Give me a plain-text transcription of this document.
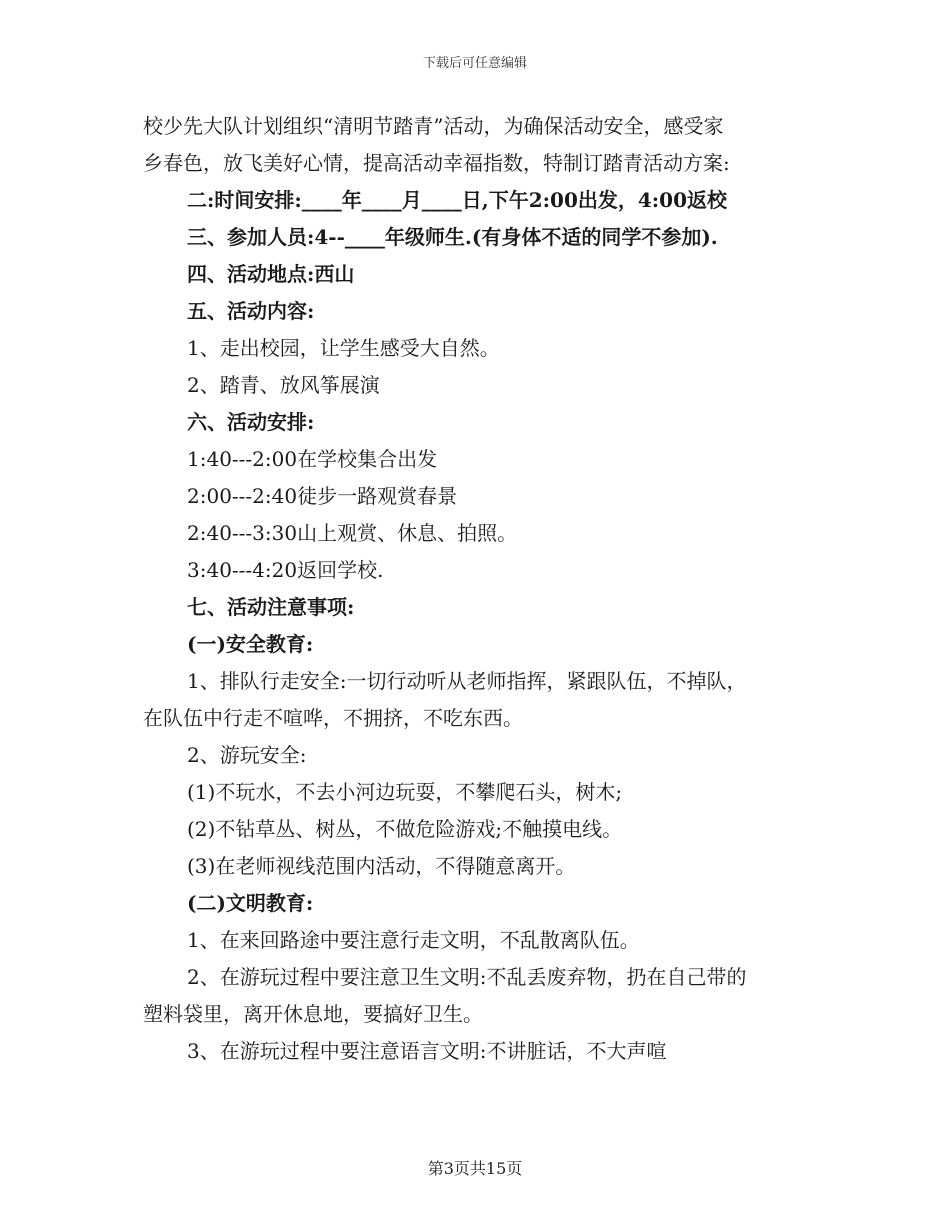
下载后可任意编辑
校少先大队计划组织“清明节踏青”活动，为确保活动安全，感受家
乡春色，放飞美好心情，提高活动幸福指数，特制订踏青活动方案:
二:时间安排:____年____月____日,下午2:00出发，4:00返校
三、参加人员:4--____年级师生.(有身体不适的同学不参加).
四、活动地点:西山
五、活动内容:
1、走出校园，让学生感受大自然。
2、踏青、放风筝展演
六、活动安排:
1:40---2:00在学校集合出发
2:00---2:40徒步一路观赏春景
2:40---3:30山上观赏、休息、拍照。
3:40---4:20返回学校.
七、活动注意事项:
(一)安全教育:
1、排队行走安全:一切行动听从老师指挥，紧跟队伍，不掉队，
在队伍中行走不喧哗，不拥挤，不吃东西。
2、游玩安全:
(1)不玩水，不去小河边玩耍，不攀爬石头，树木;
(2)不钻草丛、树丛，不做危险游戏;不触摸电线。
(3)在老师视线范围内活动，不得随意离开。
(二)文明教育:
1、在来回路途中要注意行走文明，不乱散离队伍。
2、在游玩过程中要注意卫生文明:不乱丢废弃物，扔在自己带的
塑料袋里，离开休息地，要搞好卫生。
3、在游玩过程中要注意语言文明:不讲脏话，不大声喧
第3页共15页
